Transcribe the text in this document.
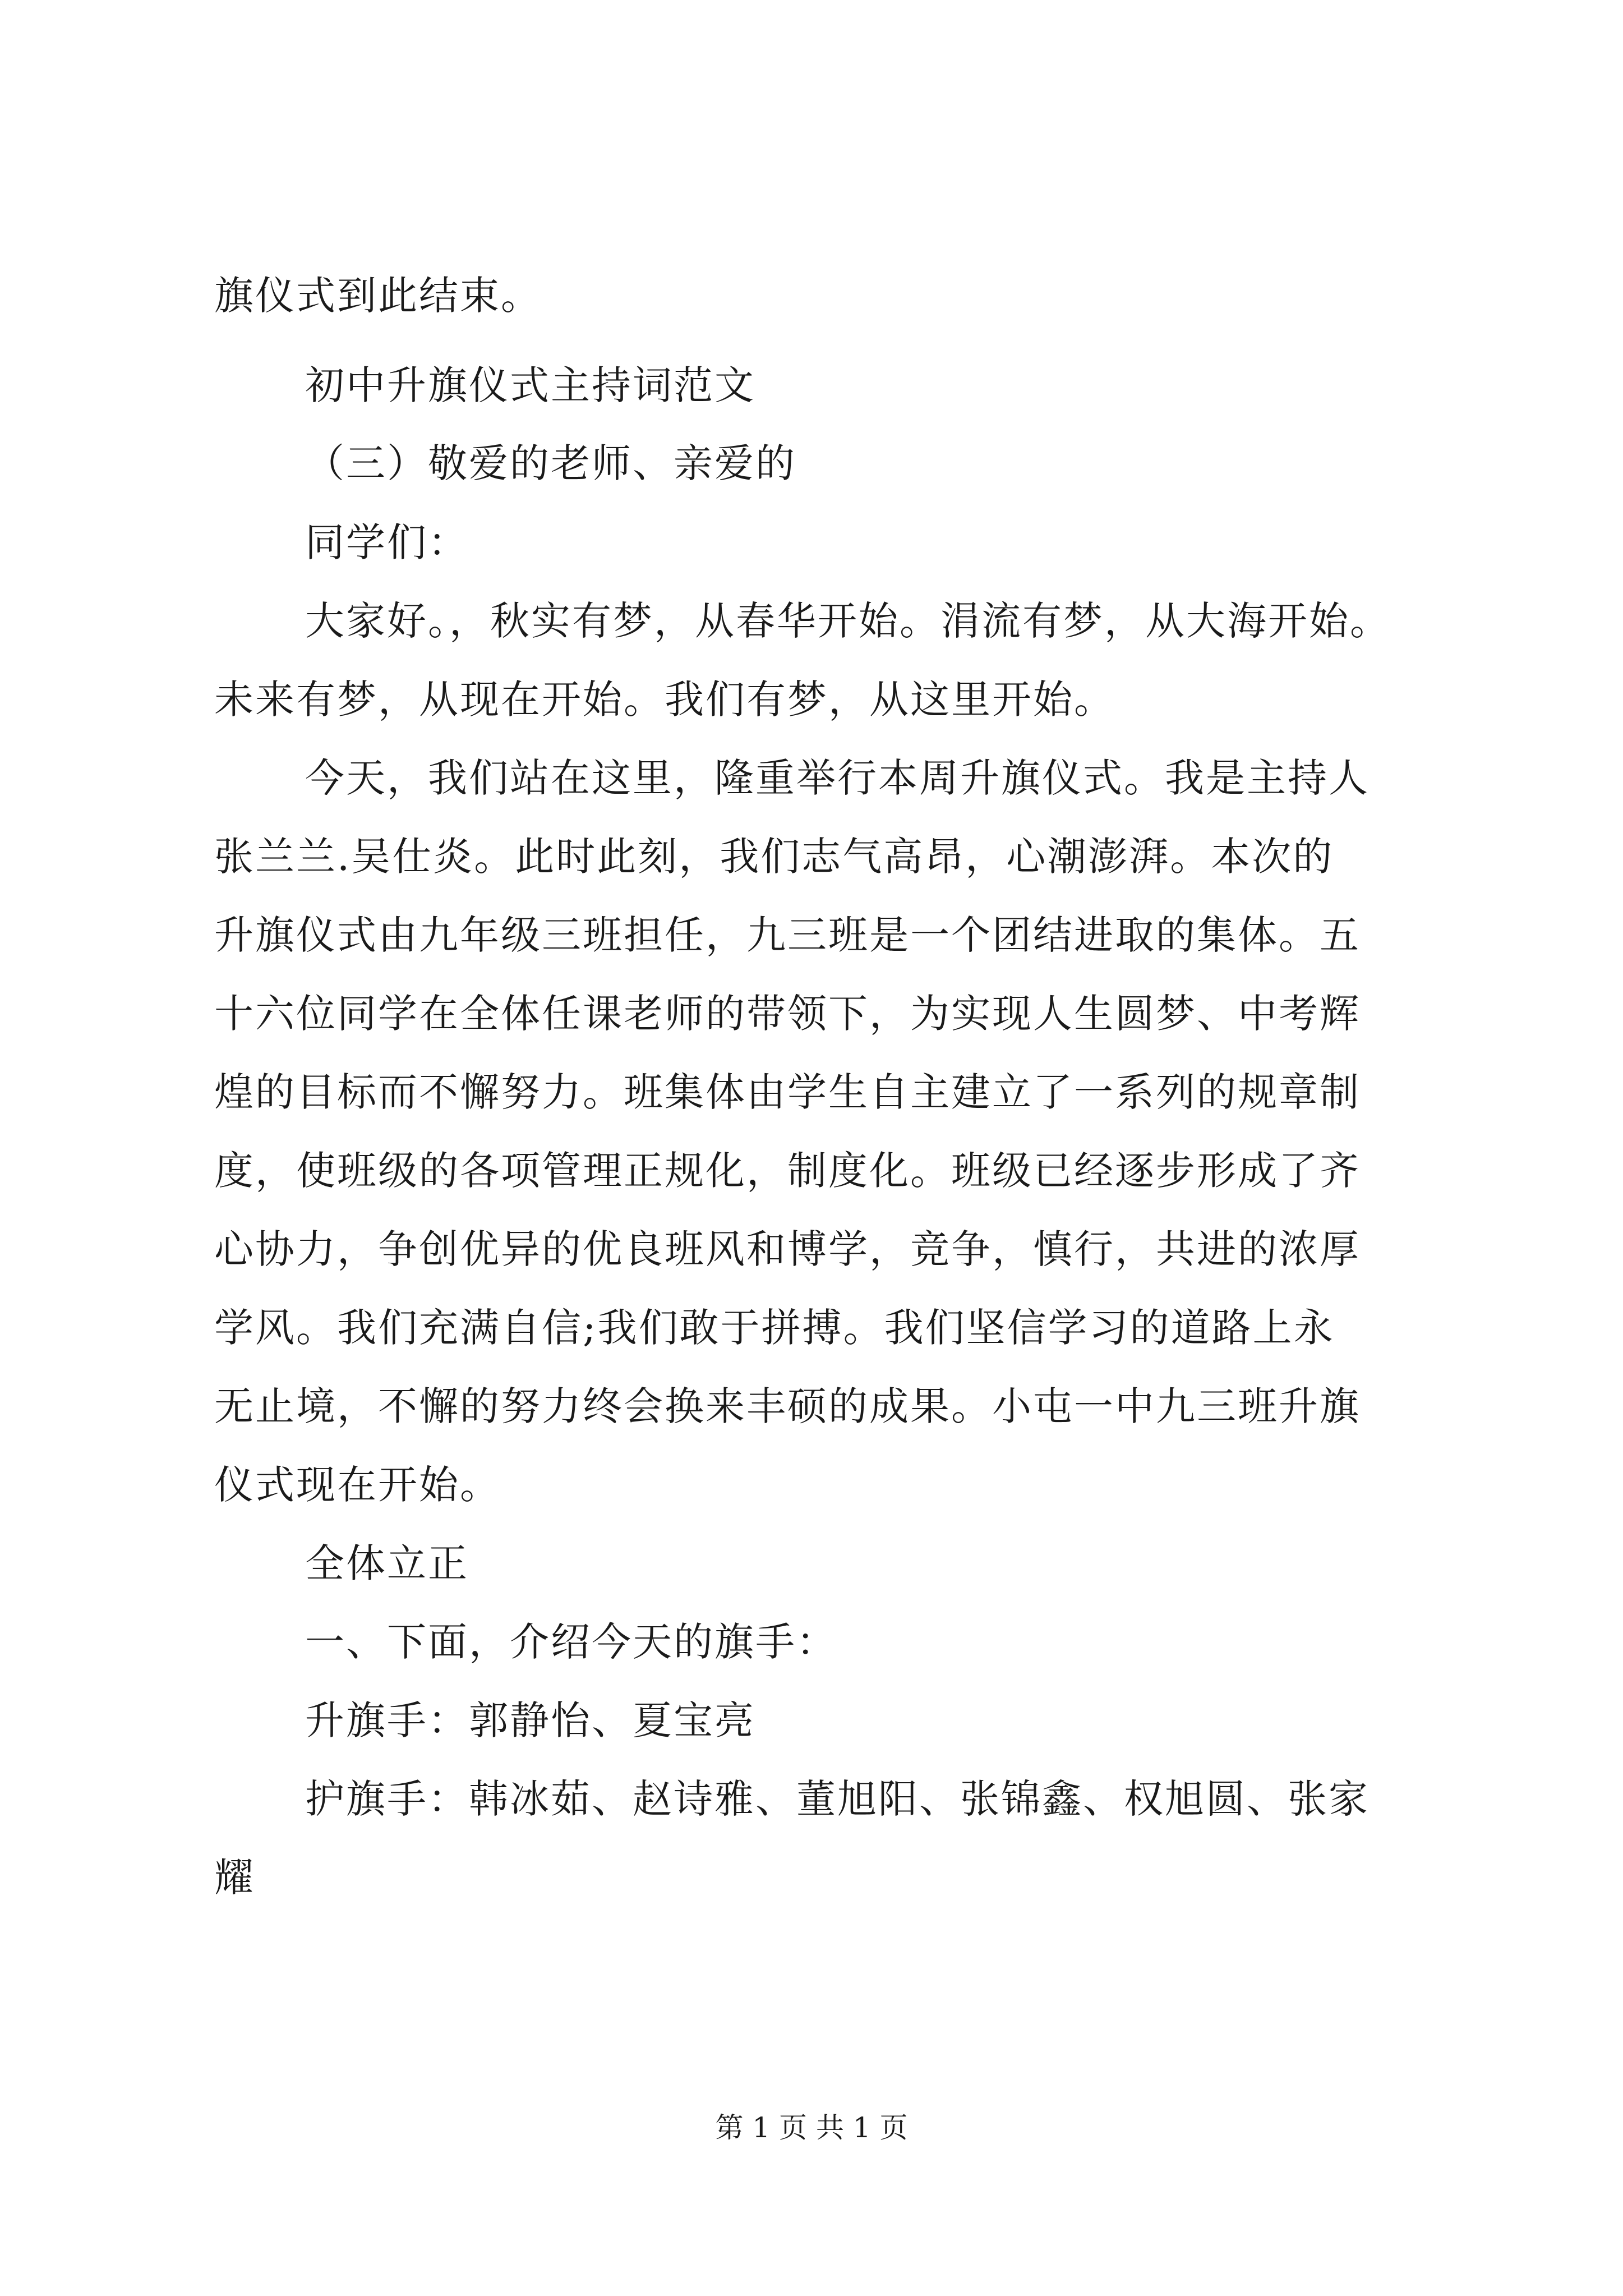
旗仪式到此结束。
初中升旗仪式主持词范文
（三）敬爱的老师、亲爱的
同学们：
大家好。，秋实有梦，从春华开始。涓流有梦，从大海开始。
未来有梦，从现在开始。我们有梦，从这里开始。
今天，我们站在这里，隆重举行本周升旗仪式。我是主持人
张兰兰.吴仕炎。此时此刻，我们志气高昂，心潮澎湃。本次的
升旗仪式由九年级三班担任，九三班是一个团结进取的集体。五
十六位同学在全体任课老师的带领下，为实现人生圆梦、中考辉
煌的目标而不懈努力。班集体由学生自主建立了一系列的规章制
度，使班级的各项管理正规化，制度化。班级已经逐步形成了齐
心协力，争创优异的优良班风和博学，竞争，慎行，共进的浓厚
学风。我们充满自信;我们敢于拼搏。我们坚信学习的道路上永
无止境，不懈的努力终会换来丰硕的成果。小屯一中九三班升旗
仪式现在开始。
全体立正
一、下面，介绍今天的旗手：
升旗手：郭静怡、夏宝亮
护旗手：韩冰茹、赵诗雅、董旭阳、张锦鑫、权旭圆、张家
耀
第 1 页 共 1 页
